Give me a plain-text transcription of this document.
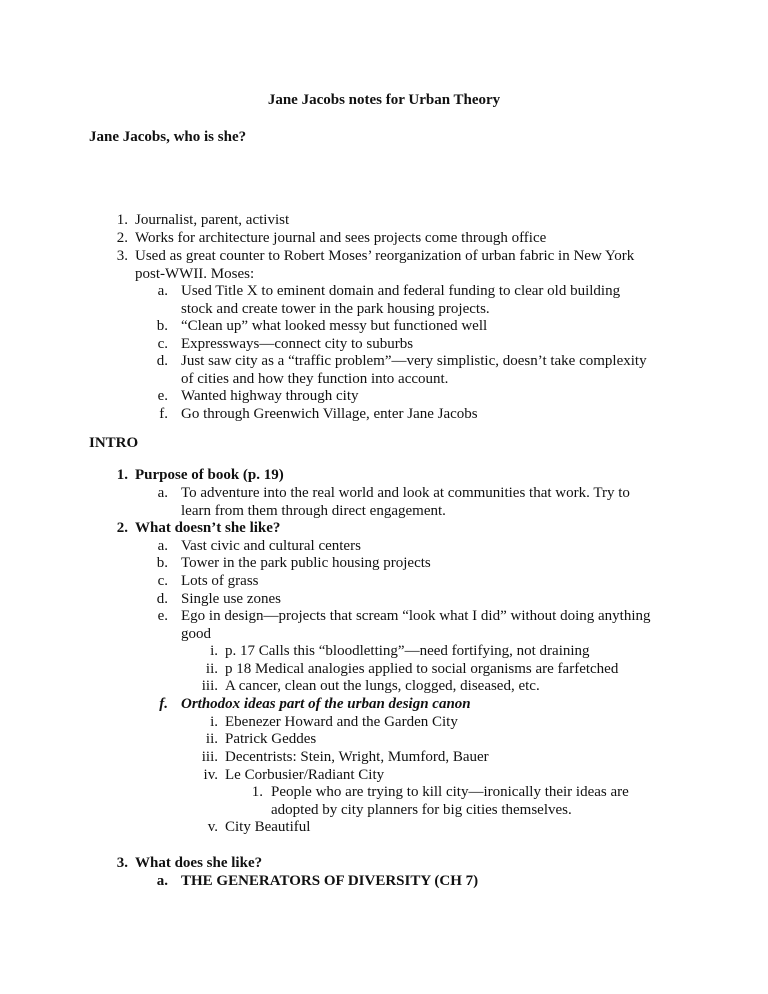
Jane Jacobs notes for Urban Theory
Jane Jacobs, who is she?
1. Journalist, parent, activist
2. Works for architecture journal and sees projects come through office
3. Used as great counter to Robert Moses’ reorganization of urban fabric in New York
post-WWII. Moses:
a. Used Title X to eminent domain and federal funding to clear old building
stock and create tower in the park housing projects.
b. “Clean up” what looked messy but functioned well
c. Expressways—connect city to suburbs
d. Just saw city as a “traffic problem”—very simplistic, doesn’t take complexity
of cities and how they function into account.
e. Wanted highway through city
f. Go through Greenwich Village, enter Jane Jacobs
INTRO
1. Purpose of book (p. 19)
a. To adventure into the real world and look at communities that work. Try to
learn from them through direct engagement.
2. What doesn’t she like?
a. Vast civic and cultural centers
b. Tower in the park public housing projects
c. Lots of grass
d. Single use zones
e. Ego in design—projects that scream “look what I did” without doing anything
good
i. p. 17 Calls this “bloodletting”—need fortifying, not draining
ii. p 18 Medical analogies applied to social organisms are farfetched
iii. A cancer, clean out the lungs, clogged, diseased, etc.
f. Orthodox ideas part of the urban design canon
i. Ebenezer Howard and the Garden City
ii. Patrick Geddes
iii. Decentrists: Stein, Wright, Mumford, Bauer
iv. Le Corbusier/Radiant City
1. People who are trying to kill city—ironically their ideas are
adopted by city planners for big cities themselves.
v. City Beautiful
3. What does she like?
a. THE GENERATORS OF DIVERSITY (CH 7)
